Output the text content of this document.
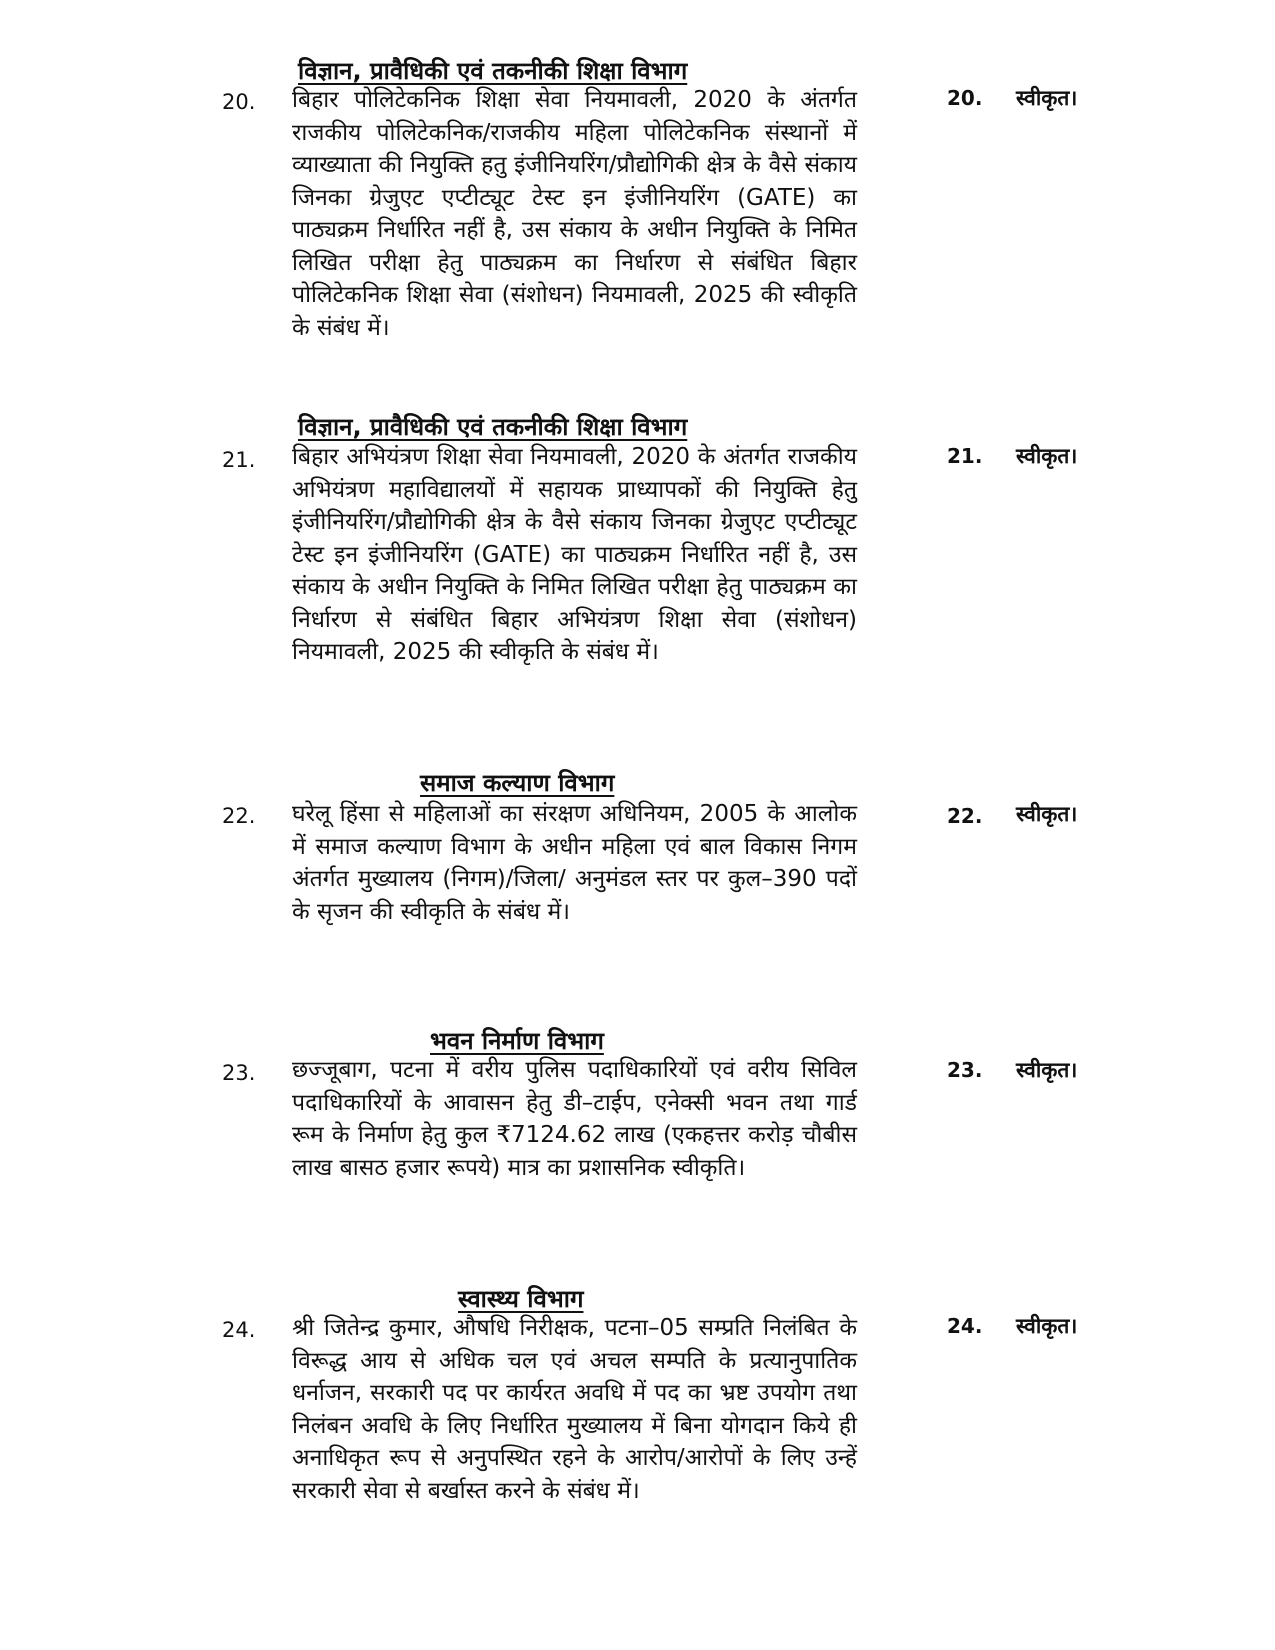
विज्ञान, प्रावैधिकी एवं तकनीकी शिक्षा विभाग
20. बिहार पोलिटेकनिक शिक्षा सेवा नियमावली, 2020 के अंतर्गत राजकीय पोलिटेकनिक/राजकीय महिला पोलिटेकनिक संस्थानों में व्याख्याता की नियुक्ति हतु इंजीनियरिंग/प्रौद्योगिकी क्षेत्र के वैसे संकाय जिनका ग्रेजुएट एप्टीट्यूट टेस्ट इन इंजीनियरिंग (GATE) का पाठ्यक्रम निर्धारित नहीं है, उस संकाय के अधीन नियुक्ति के निमित लिखित परीक्षा हेतु पाठ्यक्रम का निर्धारण से संबंधित बिहार पोलिटेकनिक शिक्षा सेवा (संशोधन) नियमावली, 2025 की स्वीकृति के संबंध में।
20. स्वीकृत।
विज्ञान, प्रावैधिकी एवं तकनीकी शिक्षा विभाग
21. बिहार अभियंत्रण शिक्षा सेवा नियमावली, 2020 के अंतर्गत राजकीय अभियंत्रण महाविद्यालयों में सहायक प्राध्यापकों की नियुक्ति हेतु इंजीनियरिंग/प्रौद्योगिकी क्षेत्र के वैसे संकाय जिनका ग्रेजुएट एप्टीट्यूट टेस्ट इन इंजीनियरिंग (GATE) का पाठ्यक्रम निर्धारित नहीं है, उस संकाय के अधीन नियुक्ति के निमित लिखित परीक्षा हेतु पाठ्यक्रम का निर्धारण से संबंधित बिहार अभियंत्रण शिक्षा सेवा (संशोधन) नियमावली, 2025 की स्वीकृति के संबंध में।
21. स्वीकृत।
समाज कल्याण विभाग
22. घरेलू हिंसा से महिलाओं का संरक्षण अधिनियम, 2005 के आलोक में समाज कल्याण विभाग के अधीन महिला एवं बाल विकास निगम अंतर्गत मुख्यालय (निगम)/जिला/ अनुमंडल स्तर पर कुल–390 पदों के सृजन की स्वीकृति के संबंध में।
22. स्वीकृत।
भवन निर्माण विभाग
23. छज्जूबाग, पटना में वरीय पुलिस पदाधिकारियों एवं वरीय सिविल पदाधिकारियों के आवासन हेतु डी–टाईप, एनेक्सी भवन तथा गार्ड रूम के निर्माण हेतु कुल ₹7124.62 लाख (एकहत्तर करोड़ चौबीस लाख बासठ हजार रूपये) मात्र का प्रशासनिक स्वीकृति।
23. स्वीकृत।
स्वास्थ्य विभाग
24. श्री जितेन्द्र कुमार, औषधि निरीक्षक, पटना–05 सम्प्रति निलंबित के विरूद्ध आय से अधिक चल एवं अचल सम्पति के प्रत्यानुपातिक धर्नाजन, सरकारी पद पर कार्यरत अवधि में पद का भ्रष्ट उपयोग तथा निलंबन अवधि के लिए निर्धारित मुख्यालय में बिना योगदान किये ही अनाधिकृत रूप से अनुपस्थित रहने के आरोप/आरोपों के लिए उन्हें सरकारी सेवा से बर्खास्त करने के संबंध में।
24. स्वीकृत।
